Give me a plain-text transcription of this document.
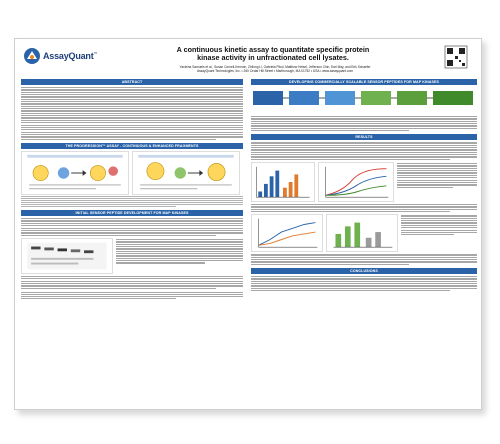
AssayQuant™	A continuous kinetic assay to quantitate specific protein
kinase activity in unfractionated cell lysates.
Yardena Samuels et al., Susan Cornell-Kennon, Zhilong Li, Gabriela Pikul, Matthew Helsel, Jefferson Chin, Earl May, and Erik Schaefer
AssayQuant Technologies, Inc. • 260 Cedar Hill Street • Marlborough, MA 01752 • USA • www.assayquant.com
ABSTRACT
THE PROGRESSION™ ASSAY - CONTINUOUS & ENHANCED FRAGMENTS
INITIAL SENSOR PEPTIDE DEVELOPMENT FOR MAP KINASES
DEVELOPING COMMERCIALLY SCALABLE SENSOR PEPTIDES FOR MAP KINASES
RESULTS
CONCLUSIONS
